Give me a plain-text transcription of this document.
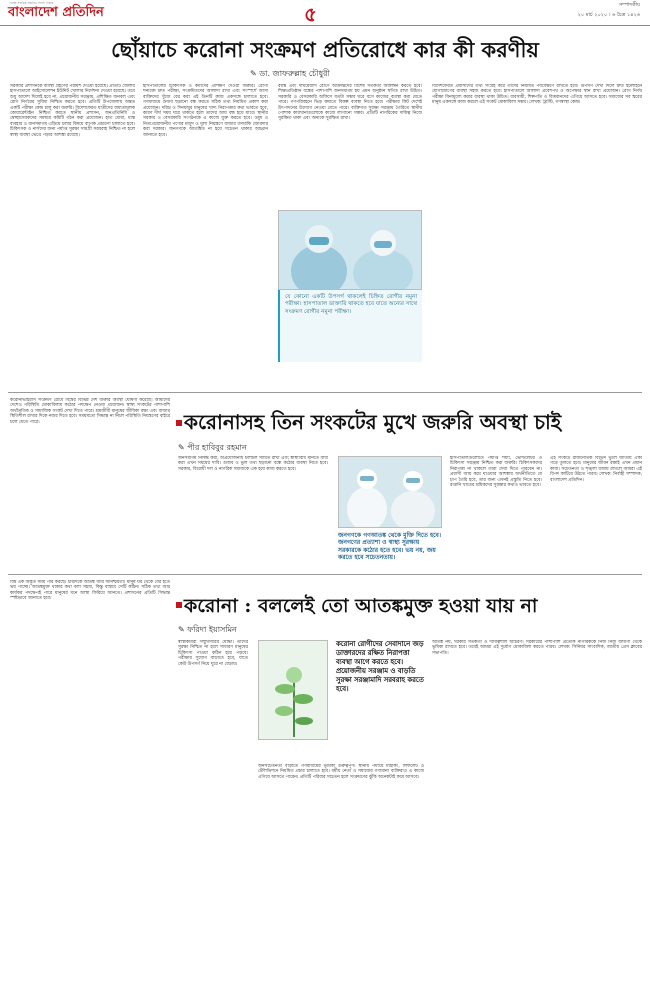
দেশের সর্বাধিক প্রচারিত বাংলা দৈনিক
বাংলাদেশ প্রতিদিন	৫	সম্পাদকীয়
২০ মার্চ ২০২০ । ৬ চৈত্র ১৪২৬
ছোঁয়াচে করোনা সংক্রমণ প্রতিরোধে কার কী করণীয়
✎ ডা. জাফরুল্লাহ চৌধুরী
সরকারি প্রশাসনকে ব্যবস্থা গ্রহণের পরামর্শ দেওয়া হয়েছে। প্রতিটি জেলায় হাসপাতালে আইসোলেশন ইউনিট খোলার নির্দেশনা দেওয়া হয়েছে। তবে শুধু আদেশ দিলেই হবে না, প্রয়োজনীয় সরঞ্জাম, প্রশিক্ষিত জনবল এবং রোগ নির্ণয়ের সুবিধা নিশ্চিত করতে হবে। প্রতিটি উপজেলায় অন্তত একটি পরীক্ষা কেন্দ্র চালু করা জরুরি। বিদেশফেরত যাত্রীদের বাধ্যতামূলক কোয়ারেন্টাইন নিশ্চিত করতে স্থানীয় প্রশাসন, জনপ্রতিনিধি ও স্বেচ্ছাসেবকদের সমন্বয়ে কমিটি গঠন করা প্রয়োজন। হাত ধোয়া, মাস্ক ব্যবহার ও জনসমাগম এড়িয়ে চলার বিষয়ে ব্যাপক প্রচারণা চালাতে হবে। চিকিৎসক ও নার্সদের জন্য পর্যাপ্ত সুরক্ষা সামগ্রী সরবরাহ নিশ্চিত না হলে স্বাস্থ্য ব্যবস্থা ভেঙে পড়ার আশঙ্কা রয়েছে।
হাসপাতালের চিকিৎসক ও কর্মীদের প্রশিক্ষণ দেওয়া জরুরি। রোগী শনাক্তে দ্রুত পরীক্ষা, সংক্রমিতদের আলাদা রাখা এবং সংস্পর্শে আসা ব্যক্তিদের খুঁজে বের করা এই তিনটি কাজ একসঙ্গে চালাতে হবে। গণমাধ্যমে গুজব ছড়ানো বন্ধ করতে সঠিক তথ্য নিয়মিত প্রকাশ করা প্রয়োজন। দরিদ্র ও দিনমজুর মানুষের খাদ্য নিরাপত্তার কথা ভাবতে হবে, কারণ দীর্ঘ সময় ঘরে থাকতে হলে তাদের আয় বন্ধ হয়ে যাবে। স্থানীয় সরকার ও বেসরকারি সংগঠনকে এ কাজে যুক্ত করতে হবে। ওষুধ ও নিত্যপ্রয়োজনীয় পণ্যের মজুদ ও মূল্য নিয়ন্ত্রণে বাজার তদারকি জোরদার করা দরকার। জনগণকে আতঙ্কিত না হয়ে সচেতন থাকার আহ্বান জানাতে হবে।
যে কোনো একটি উপসর্গ থাকলেই চিহ্নিত রোগীর নমুনা পরীক্ষা। হাসপাতাল ডাক্তারি থাকতে হবে যাতে অন্যের সাথে সংক্রমণ রোগীর নমুনা পরীক্ষা।
বয়স্ক এবং দীর্ঘমেয়াদি রোগে আক্রান্তদের বিশেষ সতর্কতা অবলম্বন করতে হবে। শিক্ষাপ্রতিষ্ঠান বন্ধের পাশাপাশি জনসমাগম হয় এমন অনুষ্ঠান স্থগিত রাখা উচিত। সরকারি ও বেসরকারি অফিসে যতটা সম্ভব ঘরে বসে কাজের ব্যবস্থা করা যেতে পারে। গণপরিবহনে ভিড় কমাতে বিকল্প ব্যবস্থা নিতে হবে। পরীক্ষার কিট দেশেই উৎপাদনের উদ্যোগ নেওয়া যেতে পারে। ব্যক্তিগত সুরক্ষা সরঞ্জাম তৈরিতে স্থানীয় পোশাক কারখানাগুলোকে কাজে লাগানো সম্ভব। প্রতিটি নাগরিকের দায়িত্ব নিজে সুরক্ষিত থাকা এবং অন্যকে সুরক্ষিত রাখা।
বিদেশফেরত প্রবাসীদের তথ্য সংগ্রহ করে তাদের নিয়মিত পর্যবেক্ষণে রাখতে হবে। উপসর্গ দেখা দিলে দ্রুত হটলাইনে যোগাযোগের ব্যবস্থা সহজ করতে হবে। হাসপাতালে আলাদা প্রবেশপথ ও অপেক্ষার স্থান রাখা প্রয়োজন। রোগ নির্ণয় পরীক্ষা বিনামূল্যে করার ব্যবস্থা থাকা উচিত। ব্যবসায়ী, শিল্পপতি ও বিত্তবানদের এগিয়ে আসতে হবে। সমাজের সব স্তরের মানুষ একসঙ্গে কাজ করলে এই সংকট মোকাবিলা সম্ভব। লেখক: ট্রাস্টি, গণস্বাস্থ্য কেন্দ্র।
করোনাভাইরাস সংক্রমণ রোধে বিশ্বের বিভিন্ন দেশ জরুরি অবস্থা ঘোষণা করেছে। আমাদের দেশেও পরিস্থিতি মোকাবিলায় কঠোর পদক্ষেপ নেওয়া প্রয়োজন। স্বাস্থ্য সংকটের পাশাপাশি অর্থনৈতিক ও সামাজিক সংকট দেখা দিতে পারে। শ্রমজীবী মানুষের জীবিকা রক্ষা এবং বাজার স্থিতিশীল রাখার দিকে নজর দিতে হবে। সময়মতো সিদ্ধান্ত না নিলে পরিস্থিতি নিয়ন্ত্রণের বাইরে চলে যেতে পারে।	করোনাসহ তিন সংকটের মুখে জরুরি অবস্থা চাই
✎ পীর হাবিবুর রহমান
জনসমাগম নিষিদ্ধ করা, অপ্রয়োজনীয় চলাচল সীমিত রাখা এবং স্বাস্থ্যবিধি মানতে বাধ্য করা এখন সময়ের দাবি। গুজব ও ভুল তথ্য ছড়ানো বন্ধে কঠোর ব্যবস্থা নিতে হবে। সরকার, বিরোধী দল ও নাগরিক সমাজকে এক হয়ে কাজ করতে হবে।
জনগণকে গণআতঙ্ক থেকে মুক্তি দিতে হবে। জনগণের প্রত্যাশা ও স্বাস্থ্য সুরক্ষায় সরকারকে কঠোর হতে হবে। ভয় নয়, জয় করতে হবে সচেতনতায়।
হাসপাতালগুলোতে পর্যাপ্ত শয্যা, ভেন্টিলেটর ও চিকিৎসা সরঞ্জাম নিশ্চিত করা জরুরি। চিকিৎসকদের নিরাপত্তা না থাকলে তারা সেবা দিতে পারবেন না। প্রবাসী আয় কমে যাওয়ার আশঙ্কায় অর্থনীতিতে যে চাপ তৈরি হবে, তার জন্য এখনই প্রস্তুতি নিতে হবে। রপ্তানি খাতের শ্রমিকদের সুরক্ষার কথাও ভাবতে হবে।
এই সংকটে রাজনৈতিক বিভেদ ভুলে জাতীয় ঐক্য গড়ে তুলতে হবে। মানুষের জীবন রক্ষাই এখন প্রধান কাজ। সচেতনতা ও শৃঙ্খলা বজায় রাখলে আমরা এই বিপদ কাটিয়ে উঠতে পারব। লেখক: নির্বাহী সম্পাদক, বাংলাদেশ প্রতিদিন।
বিশ্ব এক অদ্ভুত সময় পার করছে। চারদিকে আতঙ্ক আর অনিশ্চয়তা। মানুষ ঘর থেকে বের হতে ভয় পাচ্ছে। আতঙ্কমুক্ত থাকার কথা বলা সহজ, কিন্তু বাস্তবে সেটি কঠিন। সঠিক তথ্য আর কার্যকর পদক্ষেপই পারে মানুষের মনে আস্থা ফিরিয়ে আনতে। প্রশাসনের প্রতিটি সিদ্ধান্ত স্পষ্টভাবে জানাতে হবে।	করোনা : বললেই তো আতঙ্কমুক্ত হওয়া যায় না
✎ ফরিদা ইয়াসমিন
স্বাস্থ্যকর্মীরা সম্মুখসারির যোদ্ধা। তাদের সুরক্ষা নিশ্চিত না হলে সাধারণ মানুষের চিকিৎসা পাওয়া কঠিন হয়ে পড়বে। পরীক্ষার সুযোগ বাড়াতে হবে, যাতে কেউ উপসর্গ নিয়ে ঘুরে না বেড়ায়।
করোনা রোগীদের সেবাদানে জড় ডাক্তারদের রক্ষিত নিরাপত্তা ব্যবস্থা আগে করতে হবে। প্রয়োজনীয় সরঞ্জাম ও বাড়তি সুরক্ষা সরঞ্জামাদি সরবরাহ করতে হবে।
জনসচেতনতা বাড়াতে গণমাধ্যমের ভূমিকা গুরুত্বপূর্ণ। স্থানীয় পর্যায়ে মাইকিং, লিফলেট ও টেলিভিশনে নিয়মিত প্রচার চালাতে হবে। ধর্মীয় নেতা ও সমাজের গণ্যমান্য ব্যক্তিরাও এ কাজে এগিয়ে আসতে পারেন। প্রতিটি পরিবার সচেতন হলে সংক্রমণের ঝুঁকি অনেকটাই কমে আসবে।
আতঙ্ক নয়, দরকার সতর্কতা ও দায়িত্বশীল আচরণ। সরকারের পাশাপাশি প্রত্যেক নাগরিককে নিজ নিজ জায়গা থেকে ভূমিকা রাখতে হবে। তবেই আমরা এই দুর্যোগ মোকাবিলা করতে পারব। লেখক: সিনিয়র সাংবাদিক, জাতীয় প্রেস ক্লাবের সভাপতি।
